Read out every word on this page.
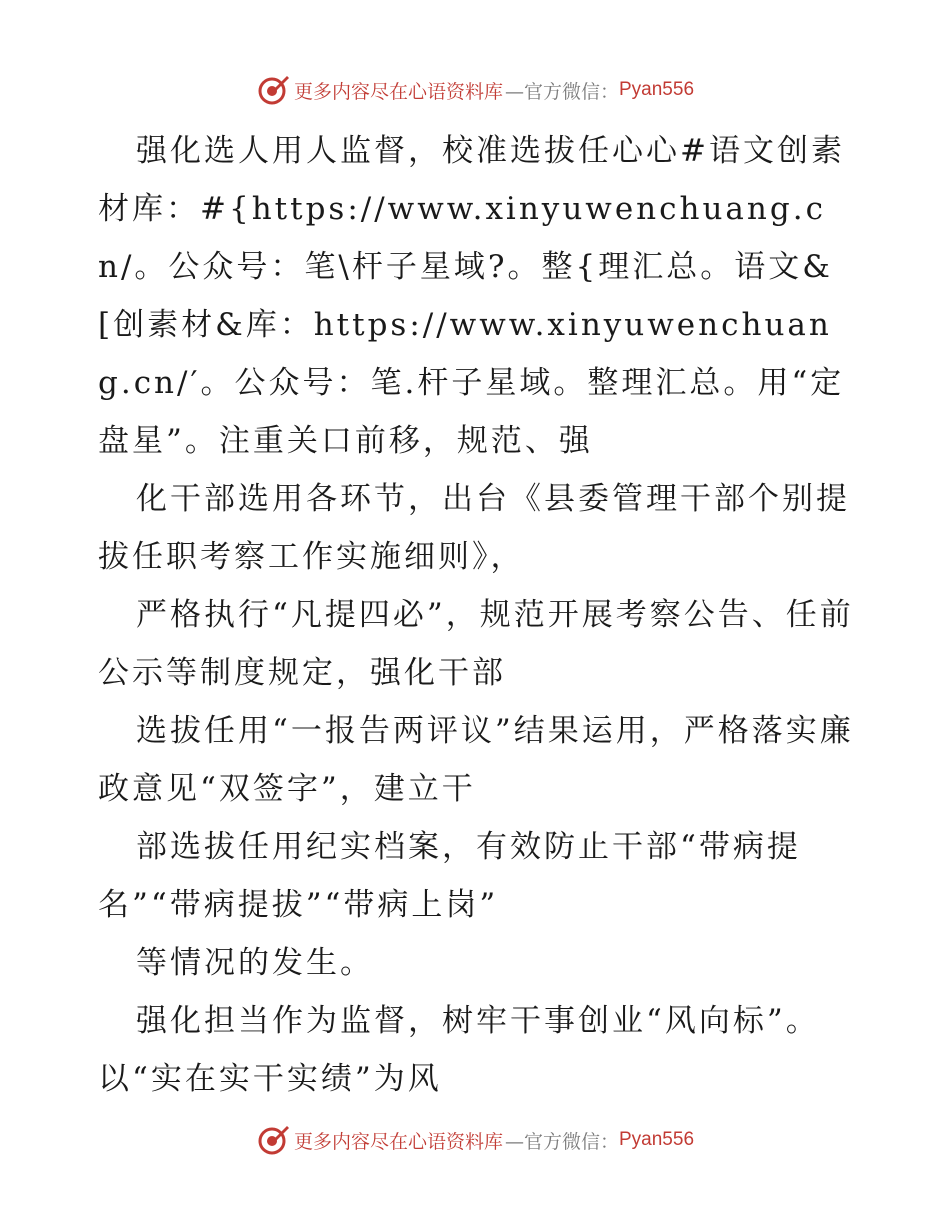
更多内容尽在心语资料库 —官方微信： Pyan556

强化选人用人监督，校准选拔任心心#语文创素材库：#{https://www.xinyuwenchuang.cn/。公众号：笔\杆子星域?。整{理汇总。语文&[创素材&库：https://www.xinyuwenchuang.cn/′。公众号：笔.杆子星域。整理汇总。用“定盘星”。注重关口前移，规范、强

化干部选用各环节，出台《县委管理干部个别提拔任职考察工作实施细则》，

严格执行“凡提四必”，规范开展考察公告、任前公示等制度规定，强化干部

选拔任用“一报告两评议”结果运用，严格落实廉政意见“双签字”，建立干

部选拔任用纪实档案，有效防止干部“带病提名”“带病提拔”“带病上岗”

等情况的发生。

强化担当作为监督，树牢干事创业“风向标”。以“实在实干实绩”为风

更多内容尽在心语资料库 —官方微信： Pyan556
